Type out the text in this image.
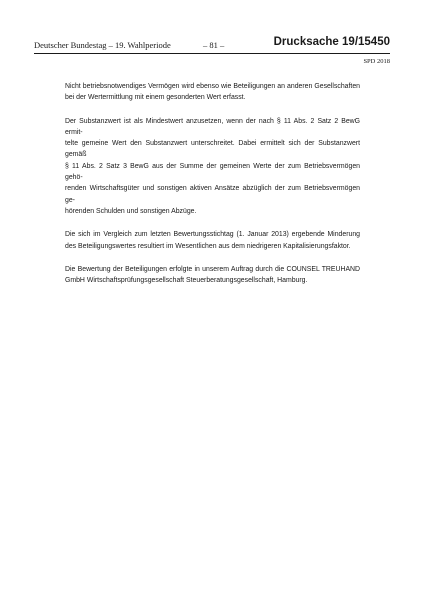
Deutscher Bundestag – 19. Wahlperiode	– 81 –	Drucksache 19/15450
SPD 2018

Nicht betriebsnotwendiges Vermögen wird ebenso wie Beteiligungen an anderen Gesellschaften
bei der Wertermittlung mit einem gesonderten Wert erfasst.

Der Substanzwert ist als Mindestwert anzusetzen, wenn der nach § 11 Abs. 2 Satz 2 BewG ermit-
telte gemeine Wert den Substanzwert unterschreitet. Dabei ermittelt sich der Substanzwert gemäß
§ 11 Abs. 2 Satz 3 BewG aus der Summe der gemeinen Werte der zum Betriebsvermögen gehö-
renden Wirtschaftsgüter und sonstigen aktiven Ansätze abzüglich der zum Betriebsvermögen ge-
hörenden Schulden und sonstigen Abzüge.

Die sich im Vergleich zum letzten Bewertungsstichtag (1. Januar 2013) ergebende Minderung
des Beteiligungswertes resultiert im Wesentlichen aus dem niedrigeren Kapitalisierungsfaktor.

Die Bewertung der Beteiligungen erfolgte in unserem Auftrag durch die COUNSEL TREUHAND
GmbH Wirtschaftsprüfungsgesellschaft Steuerberatungsgesellschaft, Hamburg.
